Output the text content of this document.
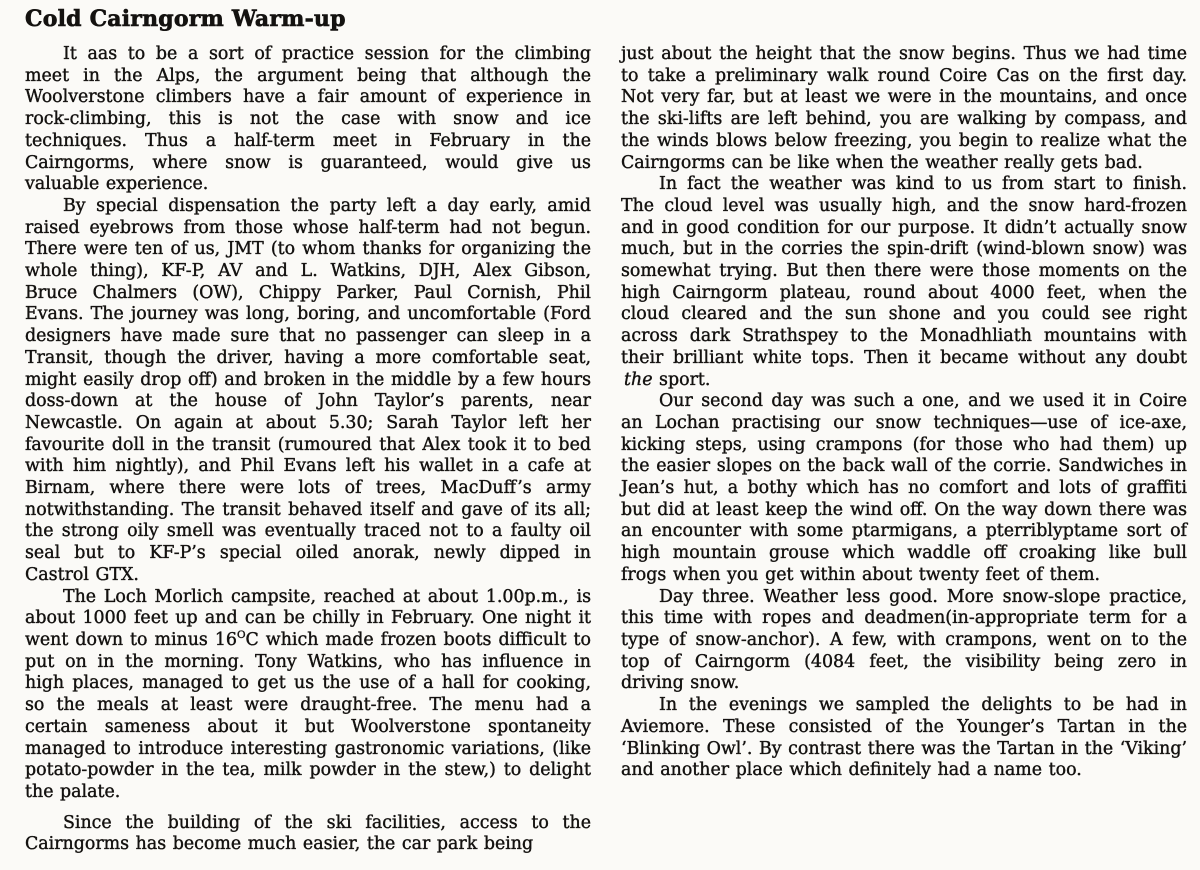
Cold Cairngorm Warm-up

It aas to be a sort of practice session for the climbing meet in the Alps, the argument being that although the Woolverstone climbers have a fair amount of experience in rock-climbing, this is not the case with snow and ice techniques. Thus a half-term meet in February in the Cairngorms, where snow is guaranteed, would give us valuable experience.

By special dispensation the party left a day early, amid raised eyebrows from those whose half-term had not begun. There were ten of us, JMT (to whom thanks for organizing the whole thing), KF-P, AV and L. Watkins, DJH, Alex Gibson, Bruce Chalmers (OW), Chippy Parker, Paul Cornish, Phil Evans. The journey was long, boring, and uncomfortable (Ford designers have made sure that no passenger can sleep in a Transit, though the driver, having a more comfortable seat, might easily drop off) and broken in the middle by a few hours doss-down at the house of John Taylor’s parents, near Newcastle. On again at about 5.30; Sarah Taylor left her favourite doll in the transit (rumoured that Alex took it to bed with him nightly), and Phil Evans left his wallet in a cafe at Birnam, where there were lots of trees, MacDuff’s army notwithstanding. The transit behaved itself and gave of its all; the strong oily smell was eventually traced not to a faulty oil seal but to KF-P’s special oiled anorak, newly dipped in Castrol GTX.

The Loch Morlich campsite, reached at about 1.00p.m., is about 1000 feet up and can be chilly in February. One night it went down to minus $16^OC$ which made frozen boots difficult to put on in the morning. Tony Watkins, who has influence in high places, managed to get us the use of a hall for cooking, so the meals at least were draught-free. The menu had a certain sameness about it but Woolverstone spontaneity managed to introduce interesting gastronomic variations, (like potato-powder in the tea, milk powder in the stew,) to delight the palate.

Since the building of the ski facilities, access to the Cairngorms has become much easier, the car park being

just about the height that the snow begins. Thus we had time to take a preliminary walk round Coire Cas on the first day. Not very far, but at least we were in the mountains, and once the ski-lifts are left behind, you are walking by compass, and the winds blows below freezing, you begin to realize what the Cairngorms can be like when the weather really gets bad.

In fact the weather was kind to us from start to finish. The cloud level was usually high, and the snow hard-frozen and in good condition for our purpose. It didn’t actually snow much, but in the corries the spin-drift (wind-blown snow) was somewhat trying. But then there were those moments on the high Cairngorm plateau, round about 4000 feet, when the cloud cleared and the sun shone and you could see right across dark Strathspey to the Monadhliath mountains with their brilliant white tops. Then it became without any doubt the sport.

Our second day was such a one, and we used it in Coire an Lochan practising our snow techniques—use of ice-axe, kicking steps, using crampons (for those who had them) up the easier slopes on the back wall of the corrie. Sandwiches in Jean’s hut, a bothy which has no comfort and lots of graffiti but did at least keep the wind off. On the way down there was an encounter with some ptarmigans, a pterriblyptame sort of high mountain grouse which waddle off croaking like bull frogs when you get within about twenty feet of them.

Day three. Weather less good. More snow-slope practice, this time with ropes and deadmen(in-appropriate term for a type of snow-anchor). A few, with crampons, went on to the top of Cairngorm (4084 feet, the visibility being zero in driving snow.

In the evenings we sampled the delights to be had in Aviemore. These consisted of the Younger’s Tartan in the ‘Blinking Owl’. By contrast there was the Tartan in the ‘Viking’ and another place which definitely had a name too.
